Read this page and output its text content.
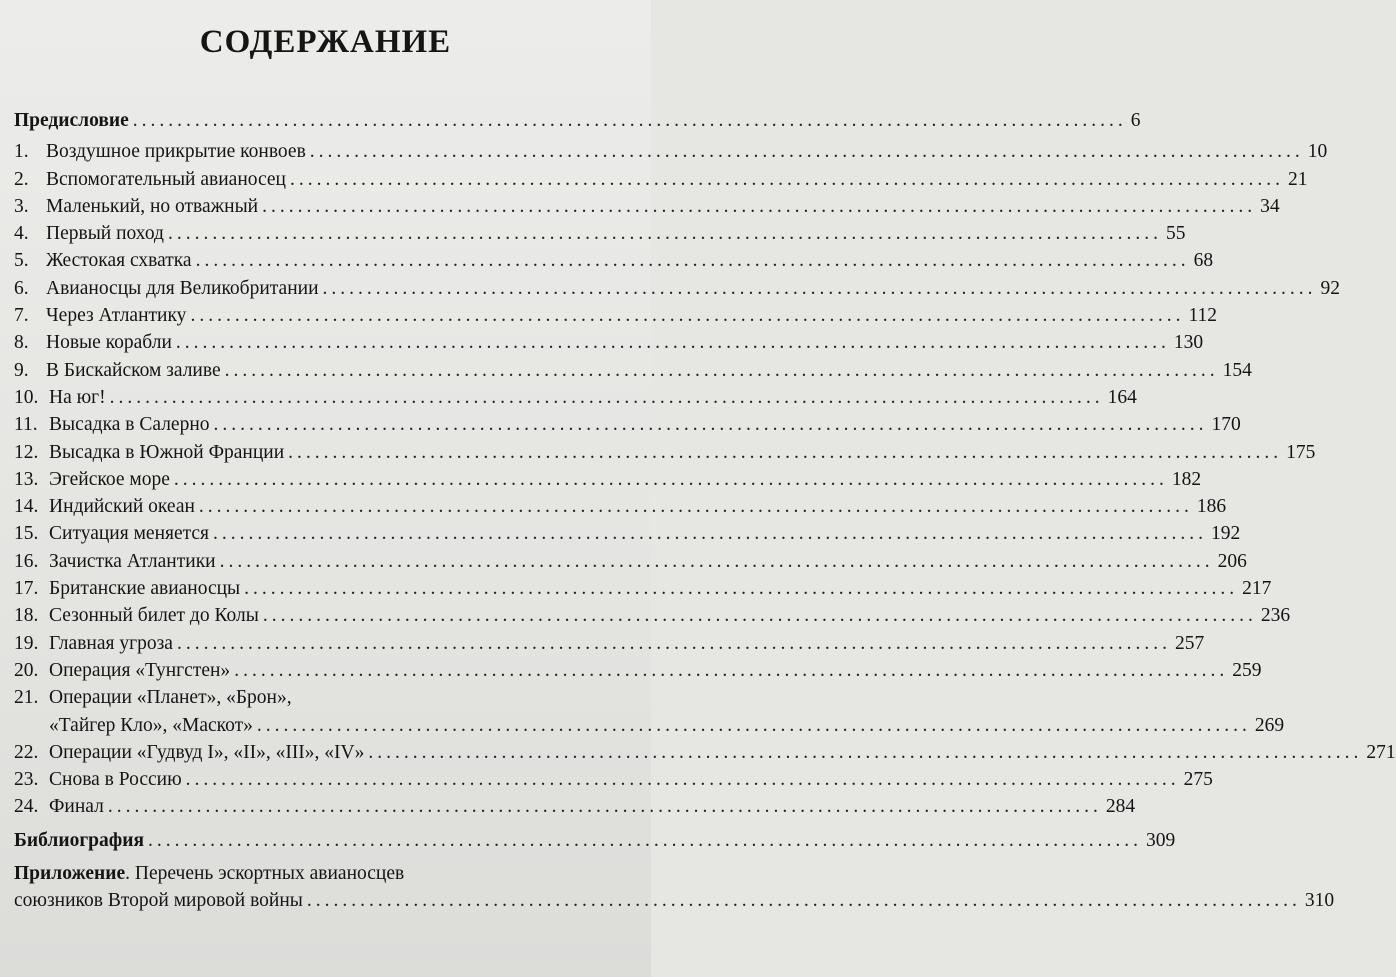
СОДЕРЖАНИЕ
Предисловие ................................................................................................................ 6
1. Воздушное прикрытие конвоев ................................................................................................................ 10
2. Вспомогательный авианосец ................................................................................................................ 21
3. Маленький, но отважный ................................................................................................................ 34
4. Первый поход ................................................................................................................ 55
5. Жестокая схватка ................................................................................................................ 68
6. Авианосцы для Великобритании ................................................................................................................ 92
7. Через Атлантику ................................................................................................................ 112
8. Новые корабли ................................................................................................................ 130
9. В Бискайском заливе ................................................................................................................ 154
10. На юг! ................................................................................................................ 164
11. Высадка в Салерно ................................................................................................................ 170
12. Высадка в Южной Франции ................................................................................................................ 175
13. Эгейское море ................................................................................................................ 182
14. Индийский океан ................................................................................................................ 186
15. Ситуация меняется ................................................................................................................ 192
16. Зачистка Атлантики ................................................................................................................ 206
17. Британские авианосцы ................................................................................................................ 217
18. Сезонный билет до Колы ................................................................................................................ 236
19. Главная угроза ................................................................................................................ 257
20. Операция «Тунгстен» ................................................................................................................ 259
21. Операции «Планет», «Брон»,
«Тайгер Кло», «Маскот» ................................................................................................................ 269
22. Операции «Гудвуд I», «II», «III», «IV» ................................................................................................................ 271
23. Снова в Россию ................................................................................................................ 275
24. Финал ................................................................................................................ 284
Библиография ................................................................................................................ 309
Приложение. Перечень эскортных авианосцев
союзников Второй мировой войны ................................................................................................................ 310
